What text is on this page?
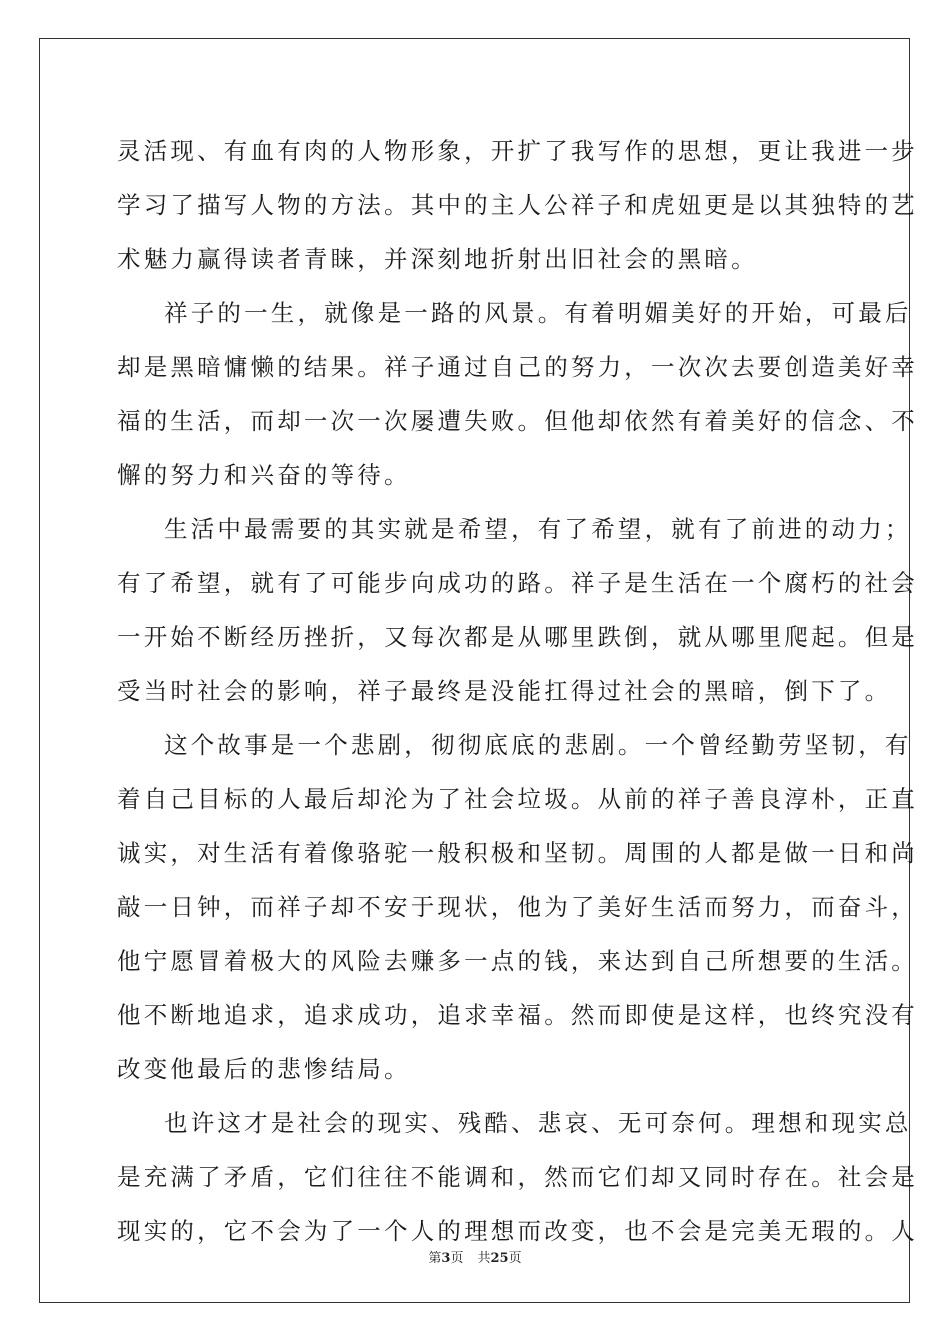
灵活现、有血有肉的人物形象，开扩了我写作的思想，更让我进一步
学习了描写人物的方法。其中的主人公祥子和虎妞更是以其独特的艺
术魅力赢得读者青睐，并深刻地折射出旧社会的黑暗。
祥子的一生，就像是一路的风景。有着明媚美好的开始，可最后
却是黑暗慵懒的结果。祥子通过自己的努力，一次次去要创造美好幸
福的生活，而却一次一次屡遭失败。但他却依然有着美好的信念、不
懈的努力和兴奋的等待。
生活中最需要的其实就是希望，有了希望，就有了前进的动力；
有了希望，就有了可能步向成功的路。祥子是生活在一个腐朽的社会
一开始不断经历挫折，又每次都是从哪里跌倒，就从哪里爬起。但是
受当时社会的影响，祥子最终是没能扛得过社会的黑暗，倒下了。
这个故事是一个悲剧，彻彻底底的悲剧。一个曾经勤劳坚韧，有
着自己目标的人最后却沦为了社会垃圾。从前的祥子善良淳朴，正直
诚实，对生活有着像骆驼一般积极和坚韧。周围的人都是做一日和尚
敲一日钟，而祥子却不安于现状，他为了美好生活而努力，而奋斗，
他宁愿冒着极大的风险去赚多一点的钱，来达到自己所想要的生活。
他不断地追求，追求成功，追求幸福。然而即使是这样，也终究没有
改变他最后的悲惨结局。
也许这才是社会的现实、残酷、悲哀、无可奈何。理想和现实总
是充满了矛盾，它们往往不能调和，然而它们却又同时存在。社会是
现实的，它不会为了一个人的理想而改变，也不会是完美无瑕的。人
第3页 共25页
